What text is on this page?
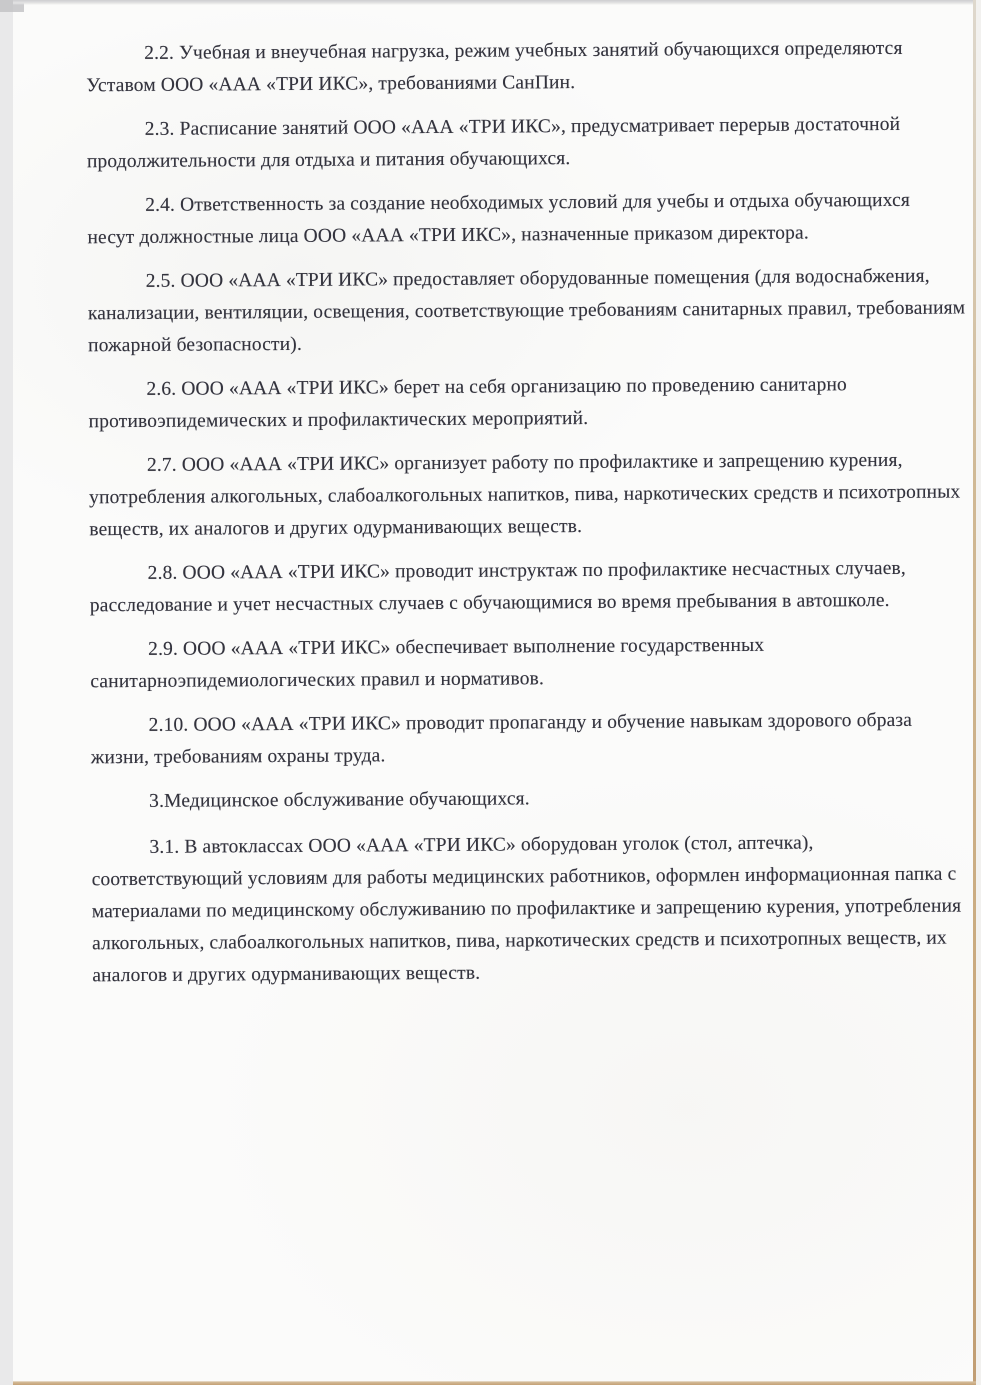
2.2. Учебная и внеучебная нагрузка, режим учебных занятий обучающихся определяются
Уставом ООО «ААА «ТРИ ИКС», требованиями СанПин.

2.3. Расписание занятий ООО «ААА «ТРИ ИКС», предусматривает перерыв достаточной
продолжительности для отдыха и питания обучающихся.

2.4. Ответственность за создание необходимых условий для учебы и отдыха обучающихся
несут должностные лица ООО «ААА «ТРИ ИКС», назначенные приказом директора.

2.5. ООО «ААА «ТРИ ИКС» предоставляет оборудованные помещения (для водоснабжения,
канализации, вентиляции, освещения, соответствующие требованиям санитарных правил, требованиям
пожарной безопасности).

2.6. ООО «ААА «ТРИ ИКС» берет на себя организацию по проведению санитарно
противоэпидемических и профилактических мероприятий.

2.7. ООО «ААА «ТРИ ИКС» организует работу по профилактике и запрещению курения,
употребления алкогольных, слабоалкогольных напитков, пива, наркотических средств и психотропных
веществ, их аналогов и других одурманивающих веществ.

2.8. ООО «ААА «ТРИ ИКС» проводит инструктаж по профилактике несчастных случаев,
расследование и учет несчастных случаев с обучающимися во время пребывания в автошколе.

2.9. ООО «ААА «ТРИ ИКС» обеспечивает выполнение государственных
санитарноэпидемиологических правил и нормативов.

2.10. ООО «ААА «ТРИ ИКС» проводит пропаганду и обучение навыкам здорового образа
жизни, требованиям охраны труда.

3.Медицинское обслуживание обучающихся.

3.1. В автоклассах ООО «ААА «ТРИ ИКС» оборудован уголок (стол, аптечка),
соответствующий условиям для работы медицинских работников, оформлен информационная папка с
материалами по медицинскому обслуживанию по профилактике и запрещению курения, употребления
алкогольных, слабоалкогольных напитков, пива, наркотических средств и психотропных веществ, их
аналогов и других одурманивающих веществ.
